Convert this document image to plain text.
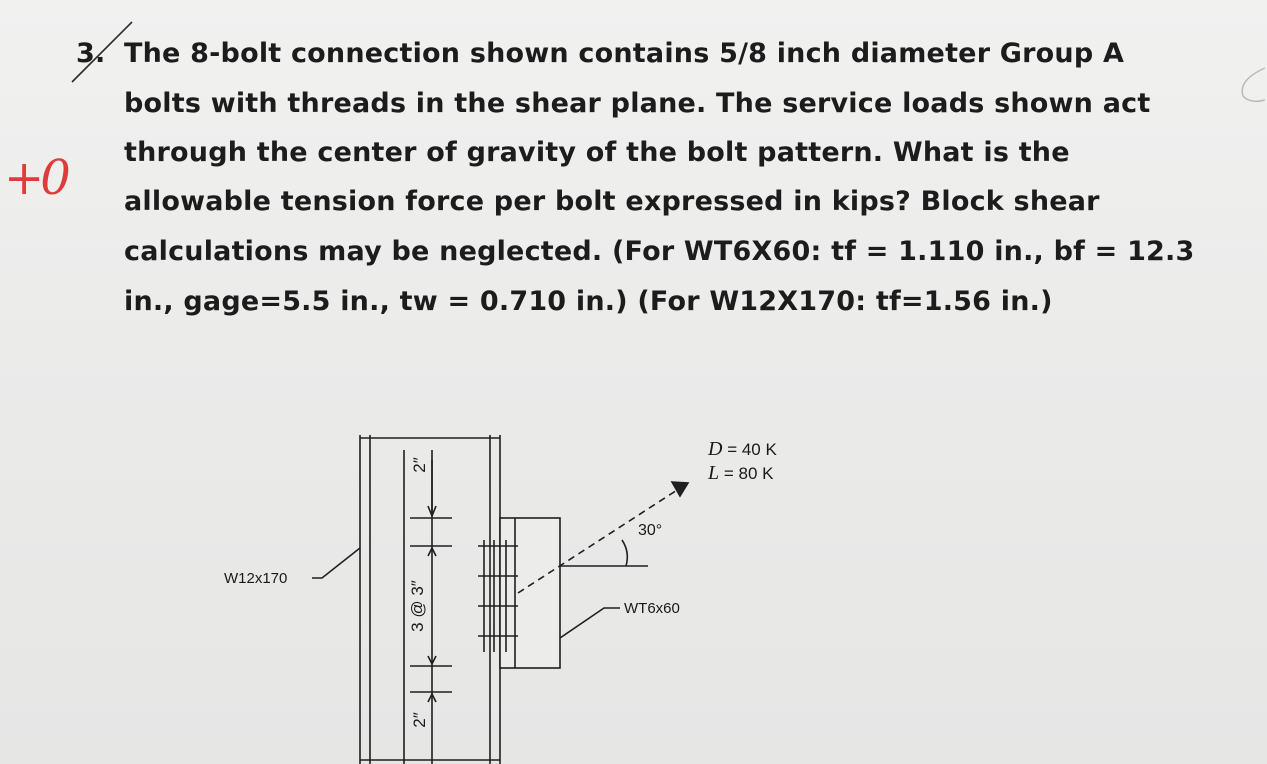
3. The 8-bolt connection shown contains 5/8 inch diameter Group A
bolts with threads in the shear plane. The service loads shown act
through the center of gravity of the bolt pattern. What is the
allowable tension force per bolt expressed in kips? Block shear
calculations may be neglected. (For WT6X60: tf = 1.110 in., bf = 12.3
in., gage=5.5 in., tw = 0.710 in.) (For W12X170: tf=1.56 in.)
+0
W12x170
WT6x60
30°
D = 40 K
L = 80 K
2″
3 @ 3″
2″
